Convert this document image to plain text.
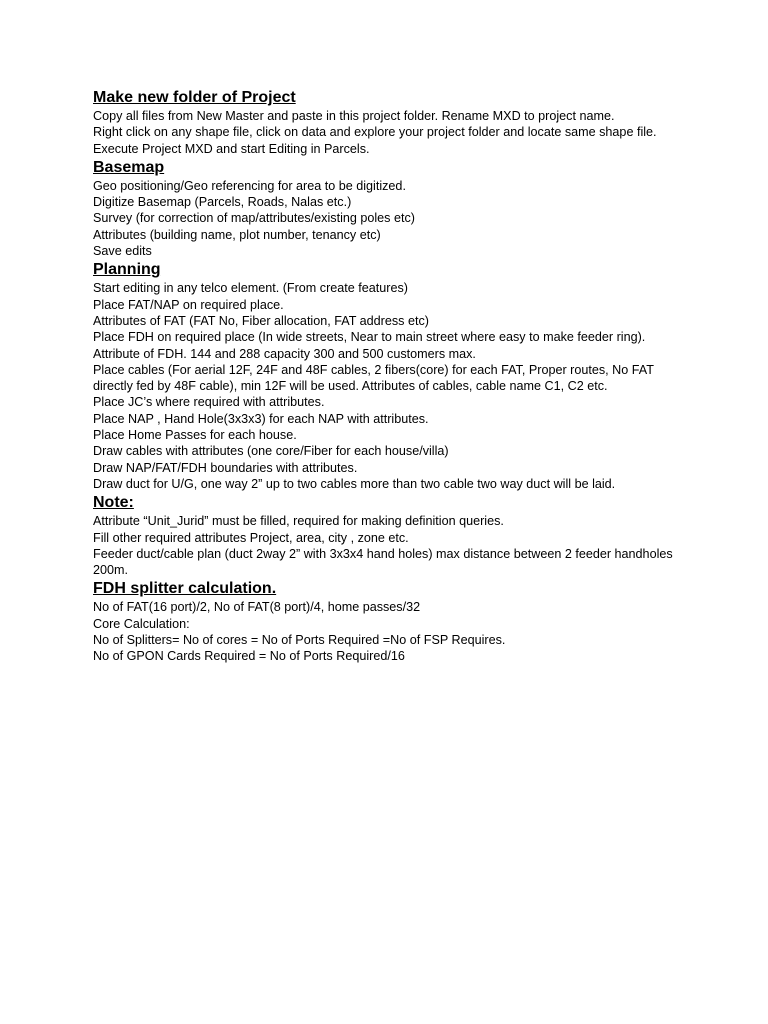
Make new folder of Project
Copy all files from New Master and paste in this project folder. Rename MXD to project name.
Right click on any shape file, click on data and explore your project folder and locate same shape file.
Execute Project MXD and start Editing in Parcels.
Basemap
Geo positioning/Geo referencing for area to be digitized.
Digitize Basemap (Parcels, Roads, Nalas etc.)
Survey (for correction of map/attributes/existing poles etc)
Attributes (building name, plot number, tenancy etc)
Save edits
Planning
Start editing in any telco element. (From create features)
Place FAT/NAP on required place.
Attributes of FAT (FAT No, Fiber allocation, FAT address etc)
Place FDH on required place (In wide streets, Near to main street where easy to make feeder ring).
Attribute of FDH. 144 and 288 capacity 300 and 500 customers max.
Place cables (For aerial 12F, 24F and 48F cables, 2 fibers(core) for each FAT, Proper routes, No FAT directly fed by 48F cable), min 12F will be used. Attributes of cables, cable name C1, C2 etc.
Place JC’s where required with attributes.
Place NAP , Hand Hole(3x3x3) for each NAP with attributes.
Place Home Passes for each house.
Draw cables with attributes (one core/Fiber for each house/villa)
Draw NAP/FAT/FDH boundaries with attributes.
Draw duct for U/G, one way 2” up to two cables more than two cable two way duct will be laid.
Note:
Attribute “Unit_Jurid” must be filled, required for making definition queries.
Fill other required attributes Project, area, city , zone etc.
Feeder duct/cable plan (duct 2way 2” with 3x3x4 hand holes) max distance between 2 feeder handholes 200m.
FDH splitter calculation.
No of FAT(16 port)/2, No of FAT(8 port)/4, home passes/32
Core Calculation:
No of Splitters= No of cores = No of Ports Required =No of FSP Requires.
No of GPON Cards Required = No of Ports Required/16
